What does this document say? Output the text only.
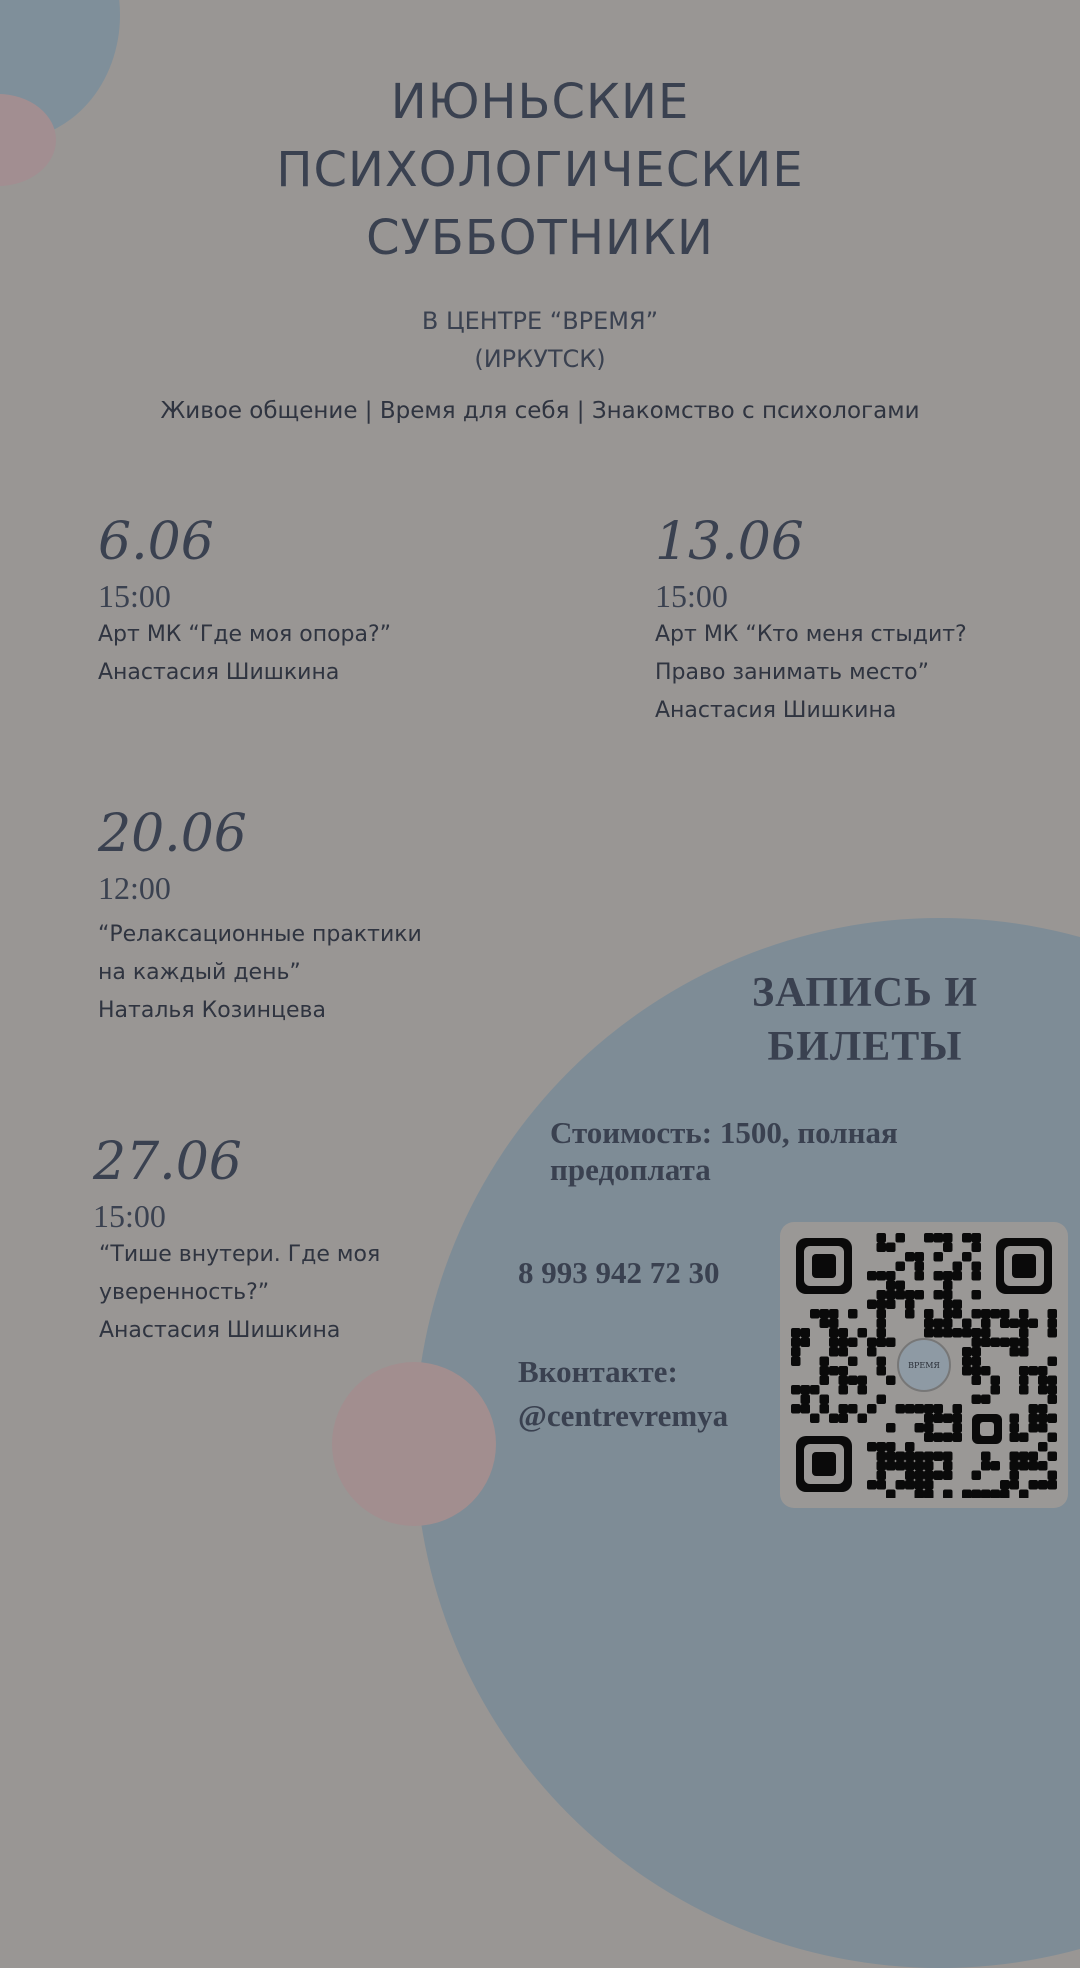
ИЮНЬСКИЕ
ПСИХОЛОГИЧЕСКИЕ
СУББОТНИКИ
В ЦЕНТРЕ “ВРЕМЯ”
(ИРКУТСК)
Живое общение | Время для себя | Знакомство с психологами
6.06
15:00
Арт МК “Где моя опора?”
Анастасия Шишкина
13.06
15:00
Арт МК “Кто меня стыдит?
Право занимать место”
Анастасия Шишкина
20.06
12:00
“Релаксационные практики
на каждый день”
Наталья Козинцева
27.06
15:00
“Тише внутери. Где моя
уверенность?”
Анастасия Шишкина
ЗАПИСЬ И
БИЛЕТЫ
Стоимость: 1500, полная
предоплата
8 993 942 72 30
Вконтакте:
@centrevremya
ВРЕМЯ
